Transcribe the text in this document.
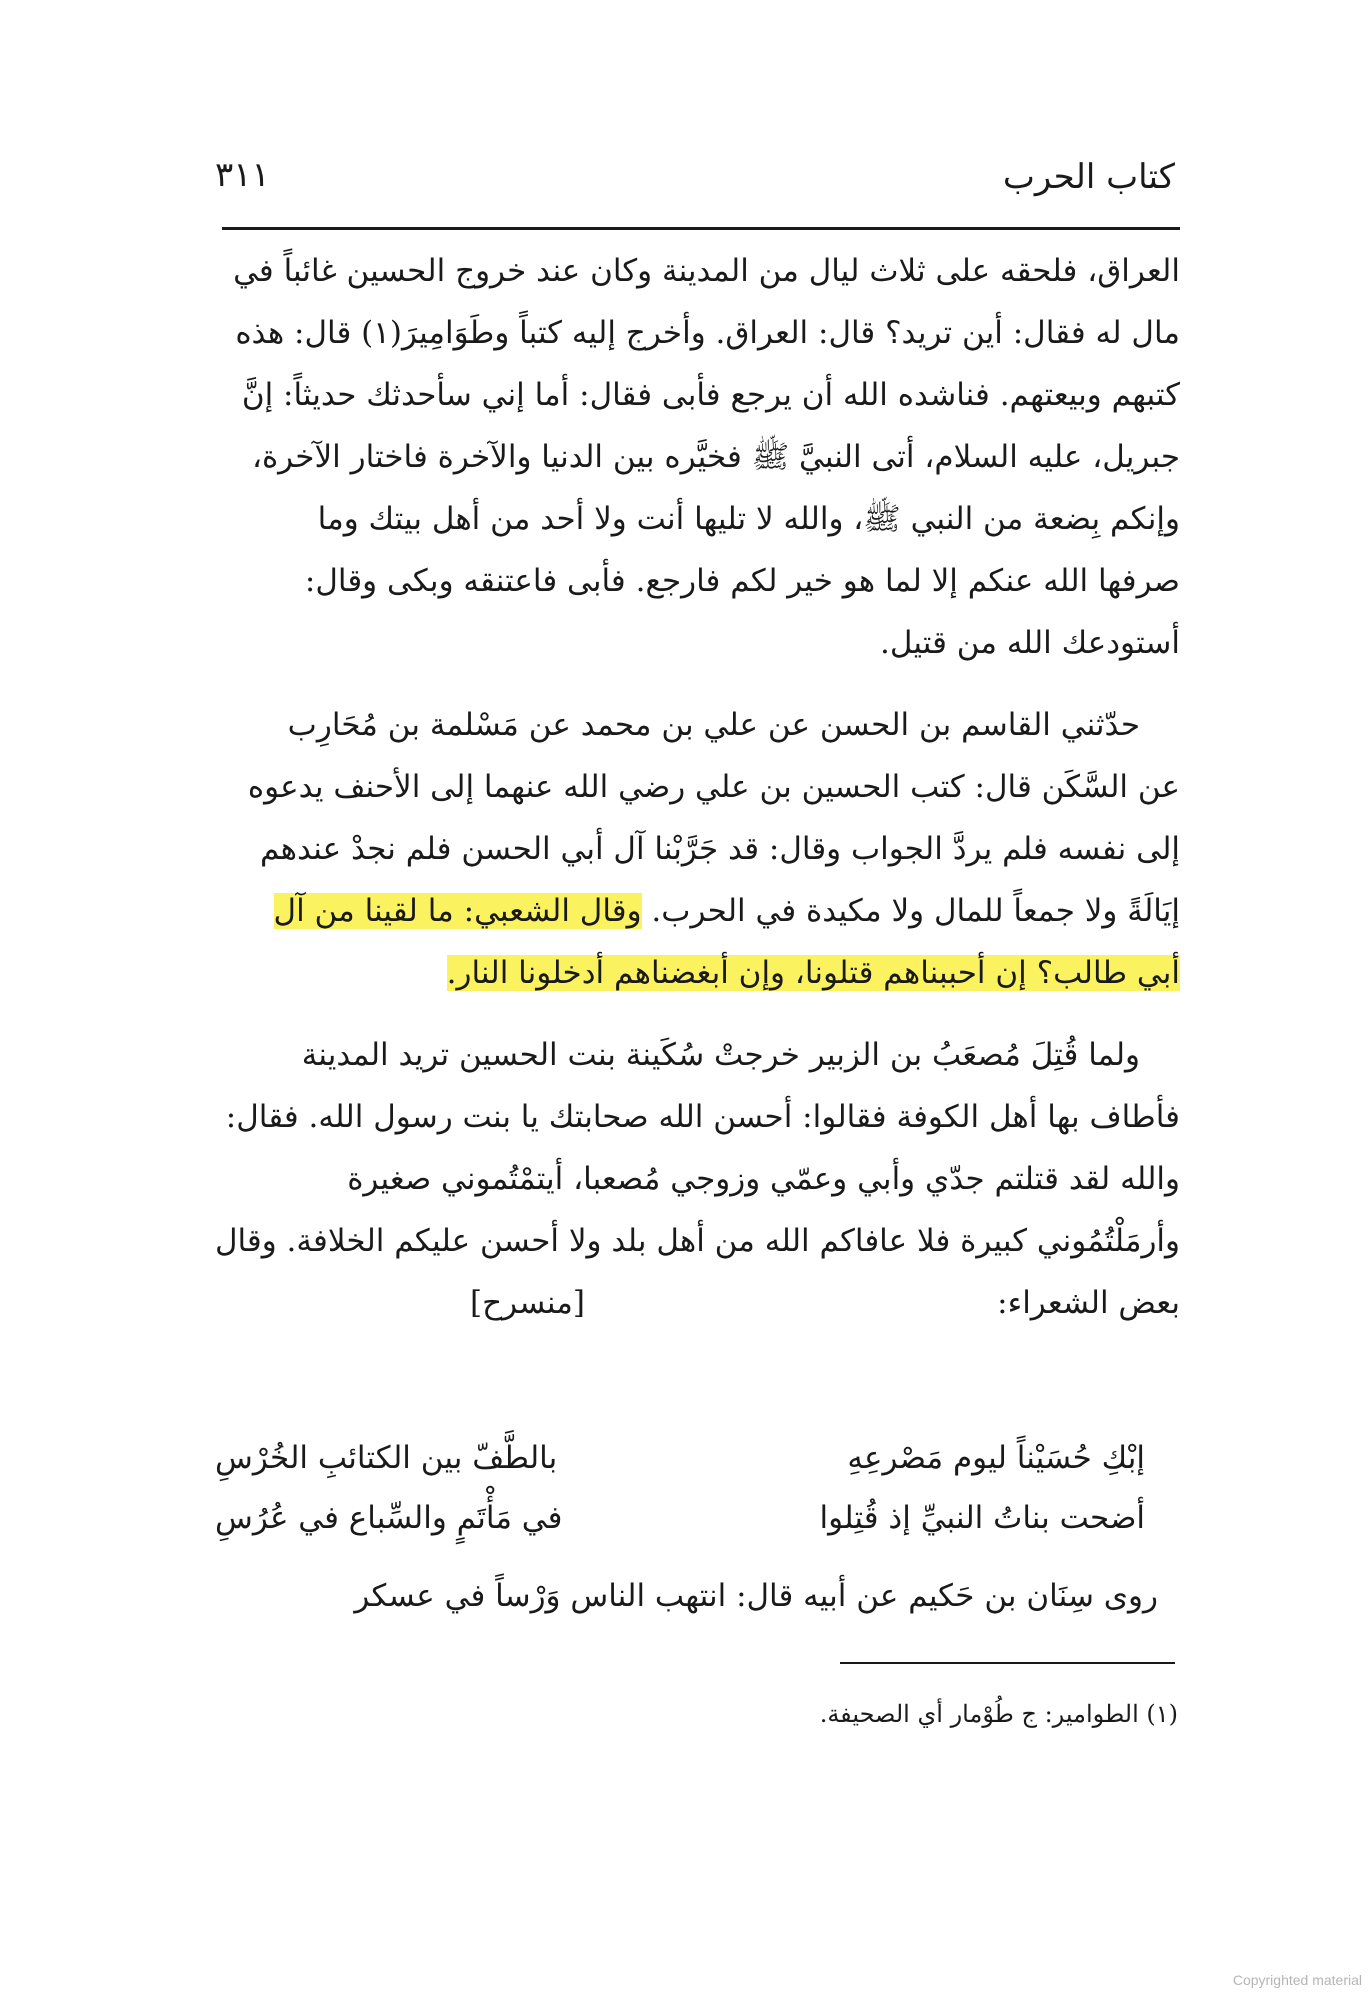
كتاب الحرب
٣١١
العراق، فلحقه على ثلاث ليال من المدينة وكان عند خروج الحسين غائباً في
مال له فقال: أين تريد؟ قال: العراق. وأخرج إليه كتباً وطَوَامِيرَ(١) قال: هذه
كتبهم وبيعتهم. فناشده الله أن يرجع فأبى فقال: أما إني سأحدثك حديثاً: إنَّ
جبريل، عليه السلام، أتى النبيَّ ﷺ فخيَّره بين الدنيا والآخرة فاختار الآخرة،
وإنكم بِضعة من النبي ﷺ، والله لا تليها أنت ولا أحد من أهل بيتك وما
صرفها الله عنكم إلا لما هو خير لكم فارجع. فأبى فاعتنقه وبكى وقال:
أستودعك الله من قتيل.
حدّثني القاسم بن الحسن عن علي بن محمد عن مَسْلمة بن مُحَارِب
عن السَّكَن قال: كتب الحسين بن علي رضي الله عنهما إلى الأحنف يدعوه
إلى نفسه فلم يردَّ الجواب وقال: قد جَرَّبْنا آل أبي الحسن فلم نجدْ عندهم
إيَالَةً ولا جمعاً للمال ولا مكيدة في الحرب. وقال الشعبي: ما لقينا من آل
أبي طالب؟ إن أحببناهم قتلونا، وإن أبغضناهم أدخلونا النار.
ولما قُتِلَ مُصعَبُ بن الزبير خرجتْ سُكَينة بنت الحسين تريد المدينة
فأطاف بها أهل الكوفة فقالوا: أحسن الله صحابتك يا بنت رسول الله. فقال:
والله لقد قتلتم جدّي وأبي وعمّي وزوجي مُصعبا، أيتمْتُموني صغيرة
وأرمَلْتُمُوني كبيرة فلا عافاكم الله من أهل بلد ولا أحسن عليكم الخلافة. وقال
بعض الشعراء:
[منسرح]
إبْكِ حُسَيْناً ليوم مَصْرعِهِ
بالطَّفّ بين الكتائبِ الخُرْسِ
أضحت بناتُ النبيِّ إذ قُتِلوا
في مَأْتَمٍ والسِّباع في عُرُسِ
روى سِنَان بن حَكيم عن أبيه قال: انتهب الناس وَرْساً في عسكر
(١) الطوامير: ج طُوْمار أي الصحيفة.
Copyrighted material
